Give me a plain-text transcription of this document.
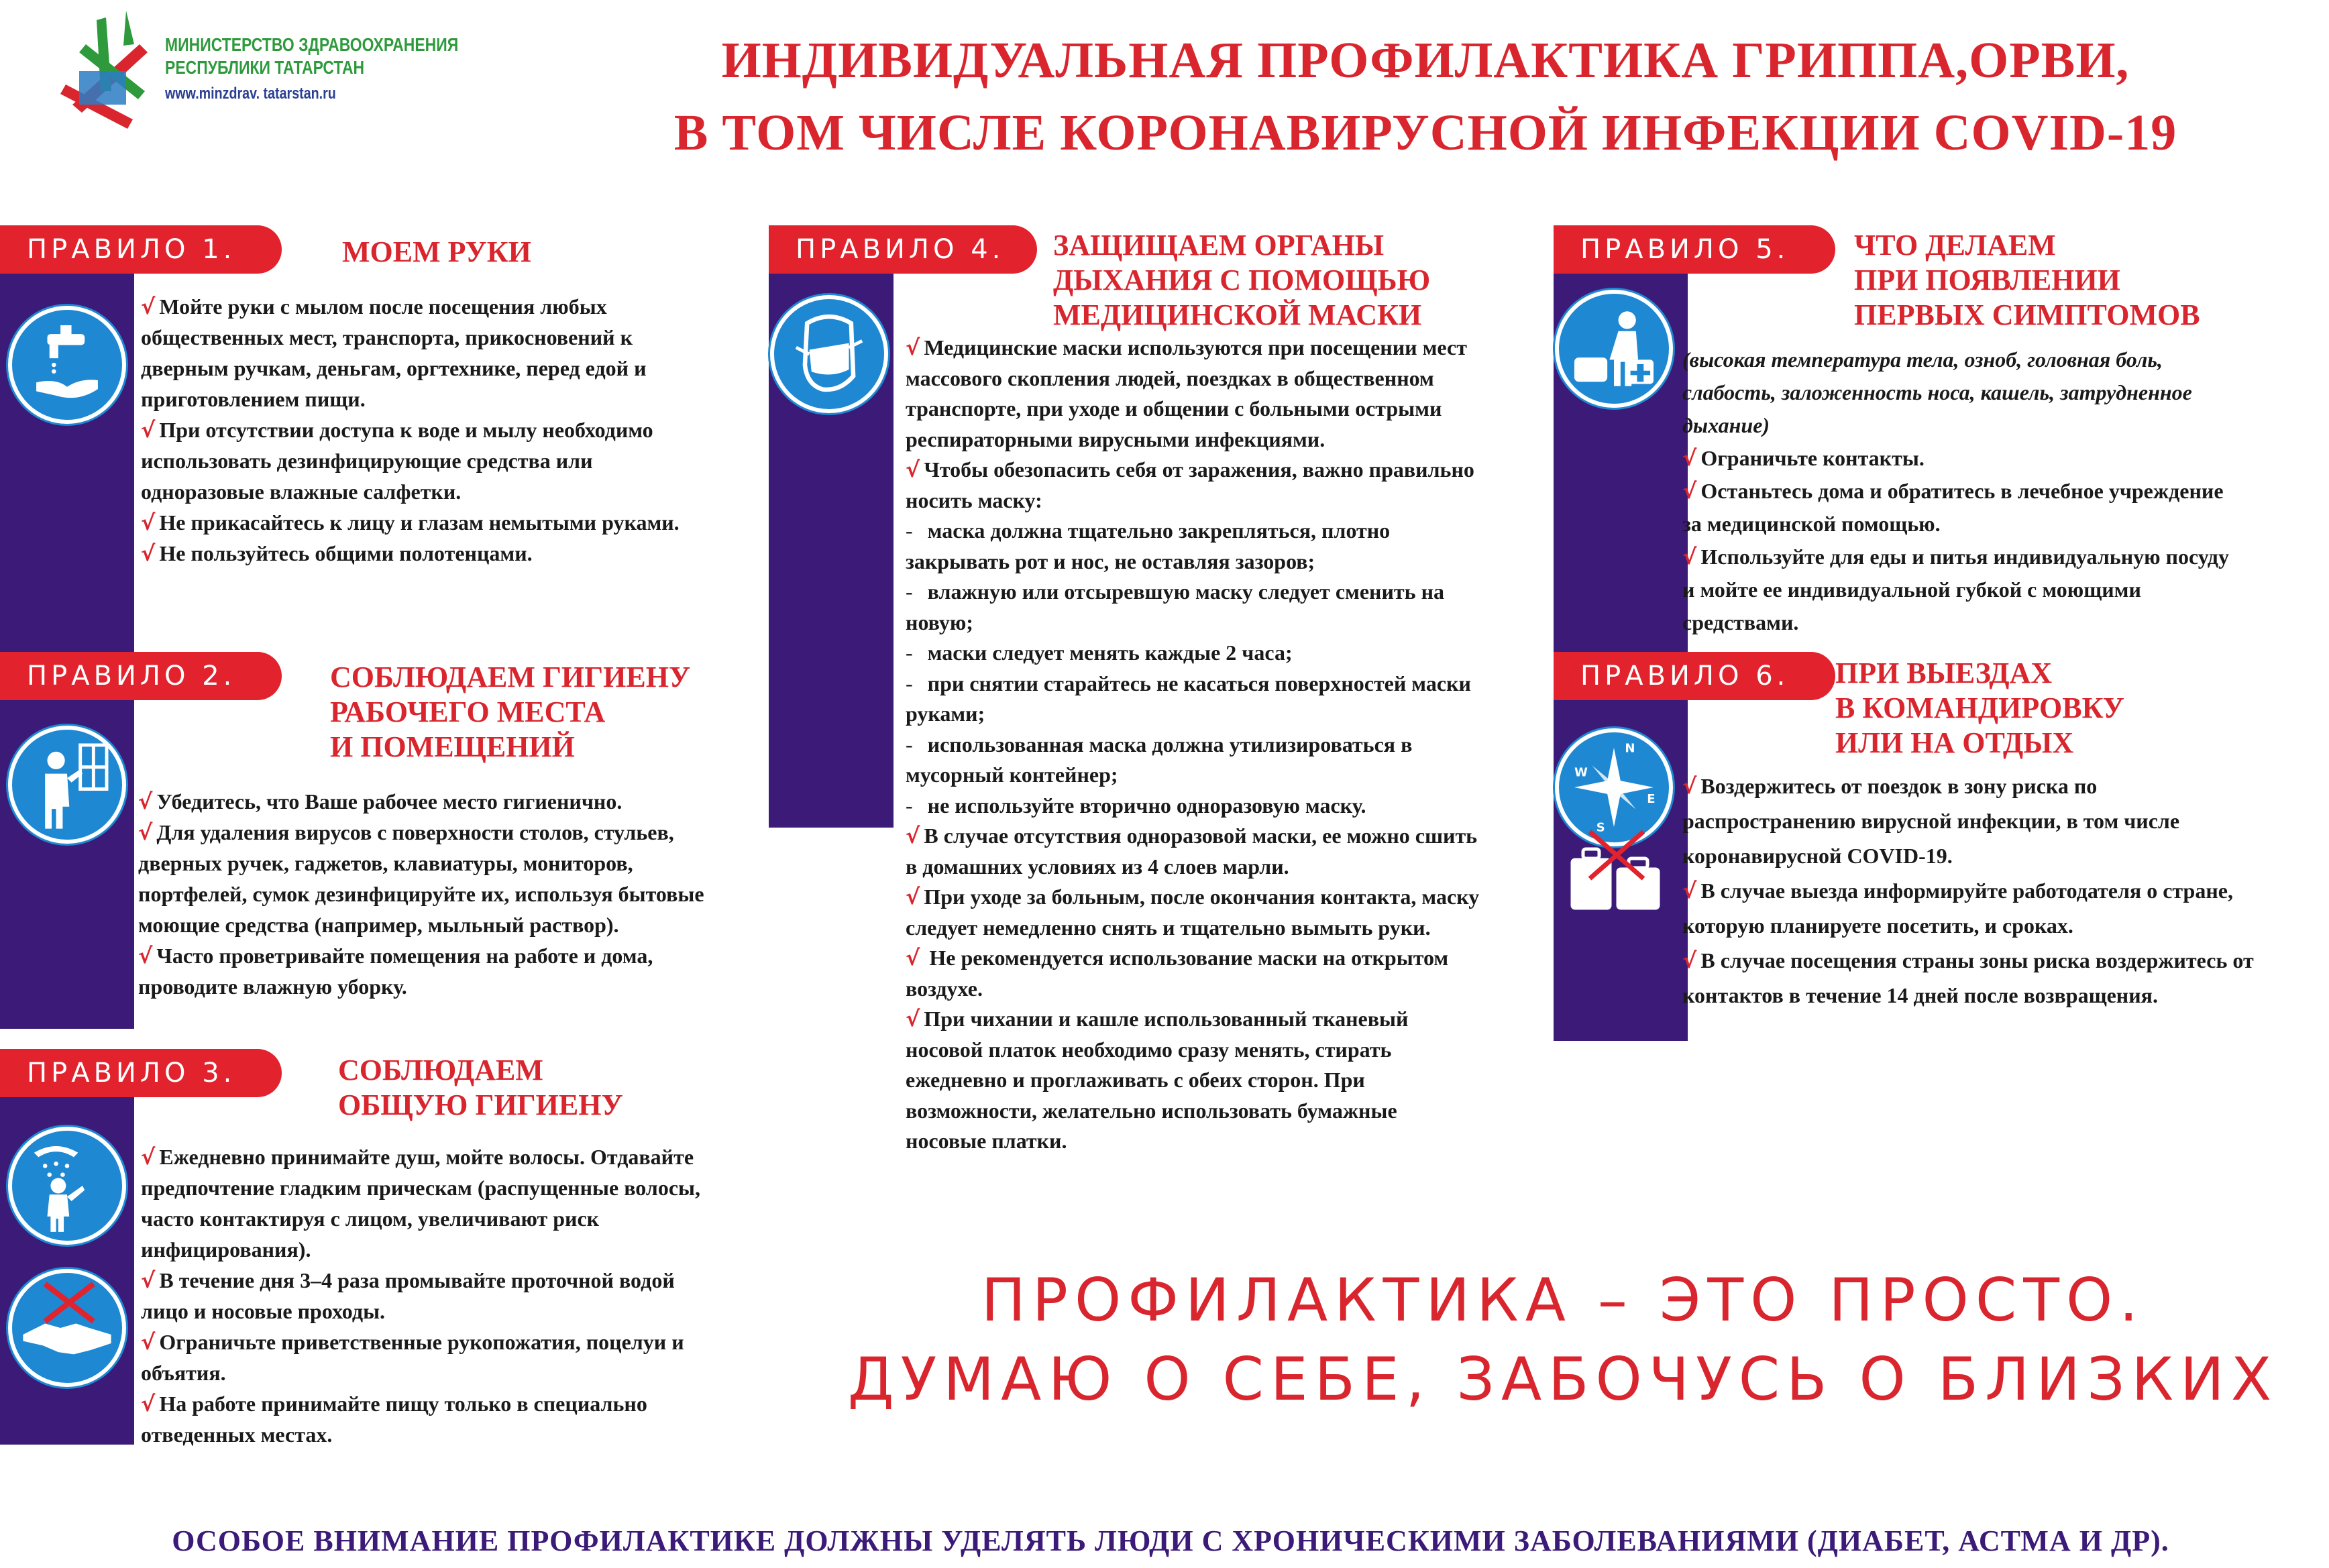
МИНИСТЕРСТВО ЗДРАВООХРАНЕНИЯ
РЕСПУБЛИКИ ТАТАРСТАН
www.minzdrav. tatarstan.ru
ИНДИВИДУАЛЬНАЯ ПРОФИЛАКТИКА ГРИППА,ОРВИ,
В ТОМ ЧИСЛЕ КОРОНАВИРУСНОЙ ИНФЕКЦИИ COVID-19
ПРАВИЛО 1.
ПРАВИЛО 2.
ПРАВИЛО 3.
ПРАВИЛО 4.	ПРАВИЛО 5.
ПРАВИЛО 6.
МОЕМ РУКИ
СОБЛЮДАЕМ ГИГИЕНУ
РАБОЧЕГО МЕСТА
И ПОМЕЩЕНИЙ
СОБЛЮДАЕМ
ОБЩУЮ ГИГИЕНУ
ЗАЩИЩАЕМ ОРГАНЫ
ДЫХАНИЯ С ПОМОЩЬЮ
МЕДИЦИНСКОЙ МАСКИ
ЧТО ДЕЛАЕМ
ПРИ ПОЯВЛЕНИИ
ПЕРВЫХ СИМПТОМОВ
ПРИ ВЫЕЗДАХ
В КОМАНДИРОВКУ
ИЛИ НА ОТДЫХ
N
W
E
S
√ Мойте руки с мылом после посещения любых
общественных мест, транспорта, прикосновений к
дверным ручкам, деньгам, оргтехнике, перед едой и
приготовлением пищи.
√ При отсутствии доступа к воде и мылу необходимо
использовать дезинфицирующие средства или
одноразовые влажные салфетки.
√ Не прикасайтесь к лицу и глазам немытыми руками.
√ Не пользуйтесь общими полотенцами.
√ Убедитесь, что Ваше рабочее место гигиенично.
√ Для удаления вирусов с поверхности столов, стульев,
дверных ручек, гаджетов, клавиатуры, мониторов,
портфелей, сумок дезинфицируйте их, используя бытовые
моющие средства (например, мыльный раствор).
√ Часто проветривайте помещения на работе и дома,
проводите влажную уборку.
√ Ежедневно принимайте душ, мойте волосы. Отдавайте
предпочтение гладким прическам (распущенные волосы,
часто контактируя с лицом, увеличивают риск
инфицирования).
√ В течение дня 3–4 раза промывайте проточной водой
лицо и носовые проходы.
√ Ограничьте приветственные рукопожатия, поцелуи и
объятия.
√ На работе принимайте пищу только в специально
отведенных местах.
√ Медицинские маски используются при посещении мест
массового скопления людей, поездках в общественном
транспорте, при уходе и общении с больными острыми
респираторными вирусными инфекциями.
√ Чтобы обезопасить себя от заражения, важно правильно
носить маску:
- маска должна тщательно закрепляться, плотно
закрывать рот и нос, не оставляя зазоров;
- влажную или отсыревшую маску следует сменить на
новую;
- маски следует менять каждые 2 часа;
- при снятии старайтесь не касаться поверхностей маски
руками;
- использованная маска должна утилизироваться в
мусорный контейнер;
- не используйте вторично одноразовую маску.
√ В случае отсутствия одноразовой маски, ее можно сшить
в домашних условиях из 4 слоев марли.
√ При уходе за больным, после окончания контакта, маску
следует немедленно снять и тщательно вымыть руки.
√ Не рекомендуется использование маски на открытом
воздухе.
√ При чихании и кашле использованный тканевый
носовой платок необходимо сразу менять, стирать
ежедневно и проглаживать с обеих сторон. При
возможности, желательно использовать бумажные
носовые платки.
(высокая температура тела, озноб, головная боль,
слабость, заложенность носа, кашель, затрудненное
дыхание)
√ Ограничьте контакты.
√ Останьтесь дома и обратитесь в лечебное учреждение
за медицинской помощью.
√ Используйте для еды и питья индивидуальную посуду
и мойте ее индивидуальной губкой с моющими
средствами.
√ Воздержитесь от поездок в зону риска по
распространению вирусной инфекции, в том числе
коронавирусной COVID-19.
√ В случае выезда информируйте работодателя о стране,
которую планируете посетить, и сроках.
√ В случае посещения страны зоны риска воздержитесь от
контактов в течение 14 дней после возвращения.
ПРОФИЛАКТИКА – ЭТО ПРОСТО.
ДУМАЮ О СЕБЕ, ЗАБОЧУСЬ О БЛИЗКИХ
ОСОБОЕ ВНИМАНИЕ ПРОФИЛАКТИКЕ ДОЛЖНЫ УДЕЛЯТЬ ЛЮДИ С ХРОНИЧЕСКИМИ ЗАБОЛЕВАНИЯМИ (ДИАБЕТ, АСТМА И ДР).
